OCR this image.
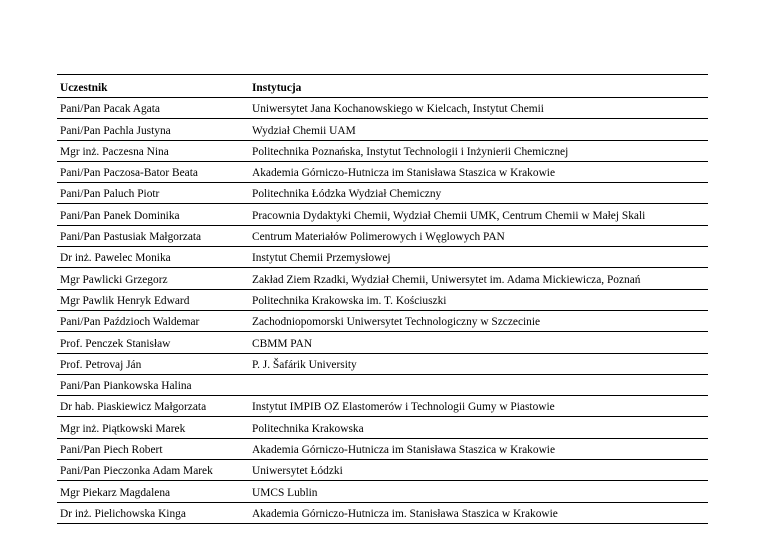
Uczestnik	Instytucja
Pani/Pan Pacak Agata	Uniwersytet Jana Kochanowskiego w Kielcach, Instytut Chemii
Pani/Pan Pachla Justyna	Wydział Chemii UAM
Mgr inż. Paczesna Nina	Politechnika Poznańska, Instytut Technologii i Inżynierii Chemicznej
Pani/Pan Paczosa-Bator Beata	Akademia Górniczo-Hutnicza im Stanisława Staszica w Krakowie
Pani/Pan Paluch Piotr	Politechnika Łódzka Wydział Chemiczny
Pani/Pan Panek Dominika	Pracownia Dydaktyki Chemii, Wydział Chemii UMK, Centrum Chemii w Małej Skali
Pani/Pan Pastusiak Małgorzata	Centrum Materiałów Polimerowych i Węglowych PAN
Dr inż. Pawelec Monika	Instytut Chemii Przemysłowej
Mgr Pawlicki Grzegorz	Zakład Ziem Rzadki, Wydział Chemii, Uniwersytet im. Adama Mickiewicza, Poznań
Mgr Pawlik Henryk Edward	Politechnika Krakowska im. T. Kościuszki
Pani/Pan Paździoch Waldemar	Zachodniopomorski Uniwersytet Technologiczny w Szczecinie
Prof. Penczek Stanisław	CBMM PAN
Prof. Petrovaj Ján	P. J. Šafárik University
Pani/Pan Piankowska Halina	
Dr hab. Piaskiewicz Małgorzata	Instytut IMPIB OZ Elastomerów i Technologii Gumy w Piastowie
Mgr inż. Piątkowski Marek	Politechnika Krakowska
Pani/Pan Piech Robert	Akademia Górniczo-Hutnicza im Stanisława Staszica w Krakowie
Pani/Pan Pieczonka Adam Marek	Uniwersytet Łódzki
Mgr Piekarz Magdalena	UMCS Lublin
Dr inż. Pielichowska Kinga	Akademia Górniczo-Hutnicza im. Stanisława Staszica w Krakowie
